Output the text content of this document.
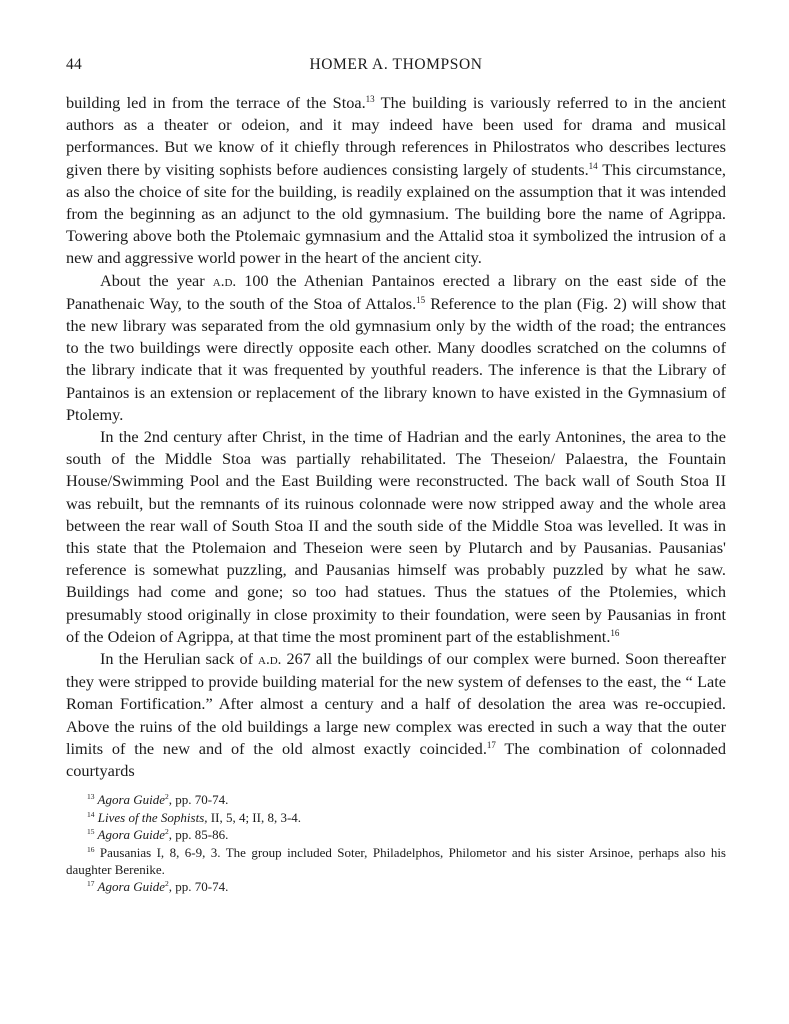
44	HOMER A. THOMPSON

building led in from the terrace of the Stoa.$^{13}$ The building is variously referred to in the ancient authors as a theater or odeion, and it may indeed have been used for drama and musical performances. But we know of it chiefly through references in Philostratos who describes lectures given there by visiting sophists before audiences consisting largely of students.$^{14}$ This circumstance, as also the choice of site for the building, is readily explained on the assumption that it was intended from the beginning as an adjunct to the old gymnasium. The building bore the name of Agrippa. Towering above both the Ptolemaic gymnasium and the Attalid stoa it symbolized the intrusion of a new and aggressive world power in the heart of the ancient city.

About the year a.d. 100 the Athenian Pantainos erected a library on the east side of the Panathenaic Way, to the south of the Stoa of Attalos.$^{15}$ Reference to the plan (Fig. 2) will show that the new library was separated from the old gymnasium only by the width of the road; the entrances to the two buildings were directly opposite each other. Many doodles scratched on the columns of the library indicate that it was frequented by youthful readers. The inference is that the Library of Pantainos is an extension or replacement of the library known to have existed in the Gymnasium of Ptolemy.

In the 2nd century after Christ, in the time of Hadrian and the early Antonines, the area to the south of the Middle Stoa was partially rehabilitated. The Theseion/ Palaestra, the Fountain House/Swimming Pool and the East Building were reconstructed. The back wall of South Stoa II was rebuilt, but the remnants of its ruinous colonnade were now stripped away and the whole area between the rear wall of South Stoa II and the south side of the Middle Stoa was levelled. It was in this state that the Ptolemaion and Theseion were seen by Plutarch and by Pausanias. Pausanias' reference is somewhat puzzling, and Pausanias himself was probably puzzled by what he saw. Buildings had come and gone; so too had statues. Thus the statues of the Ptolemies, which presumably stood originally in close proximity to their foundation, were seen by Pausanias in front of the Odeion of Agrippa, at that time the most prominent part of the establishment.$^{16}$

In the Herulian sack of a.d. 267 all the buildings of our complex were burned. Soon thereafter they were stripped to provide building material for the new system of defenses to the east, the “ Late Roman Fortification.” After almost a century and a half of desolation the area was re-occupied. Above the ruins of the old buildings a large new complex was erected in such a way that the outer limits of the new and of the old almost exactly coincided.$^{17}$ The combination of colonnaded courtyards

$^{13}$ Agora Guide$^2$, pp. 70-74.

$^{14}$ Lives of the Sophists, II, 5, 4; II, 8, 3-4.

$^{15}$ Agora Guide$^2$, pp. 85-86.

$^{16}$ Pausanias I, 8, 6-9, 3. The group included Soter, Philadelphos, Philometor and his sister Arsinoe, perhaps also his daughter Berenike.

$^{17}$ Agora Guide$^2$, pp. 70-74.
